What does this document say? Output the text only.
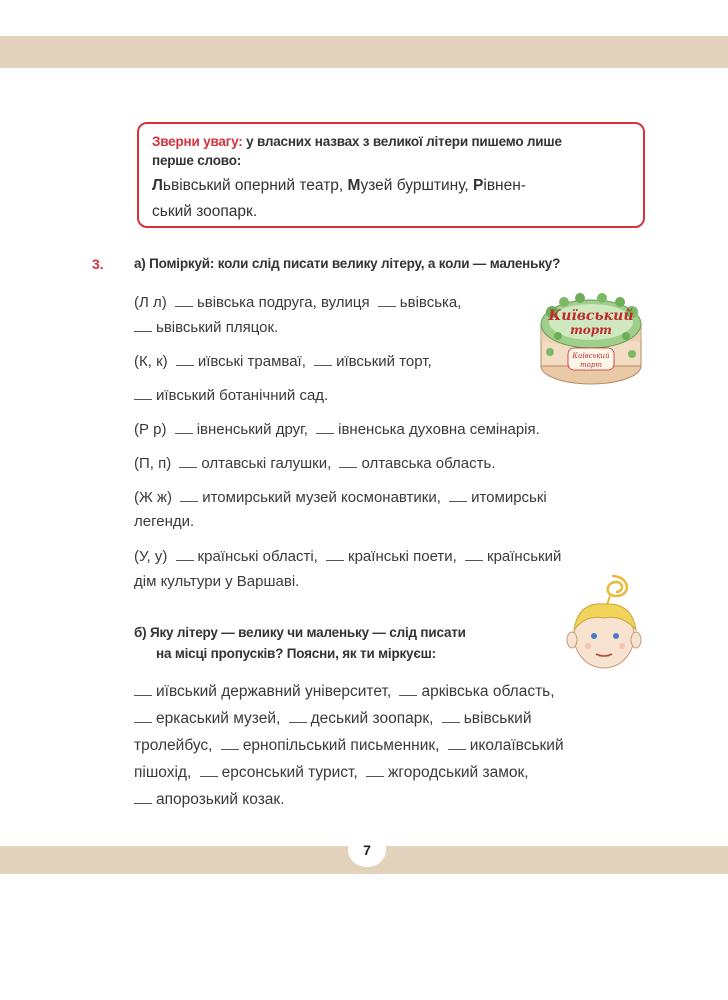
Зверни увагу: у власних назвах з великої літери пишемо лише
перше слово:
Львівський оперний театр, Музей бурштину, Рівнен-
ський зоопарк.
3. а) Поміркуй: коли слід писати велику літеру, а коли — маленьку?
(Л л) ьвівська подруга, вулиця ьвівська,
ьвівський пляцок.
(К, к) иївські трамваї, иївський торт,
иївський ботанічний сад.
(Р р) івненський друг, івненська духовна семінарія.
(П, п) олтавські галушки, олтавська область.
(Ж ж) итомирський музей космонавтики, итомирські
легенди.
(У, у) країнські області, країнські поети, країнський
дім культури у Варшаві.
б) Яку літеру — велику чи маленьку — слід писати
на місці пропусків? Поясни, як ти міркуєш:
иївський державний університет, арківська область,
еркаський музей, деський зоопарк, ьвівський
тролейбус, ернопільський письменник, иколаївський
пішохід, ерсонський турист, жгородський замок,
апорозький козак.
Київський
торт
Київський
торт
7
